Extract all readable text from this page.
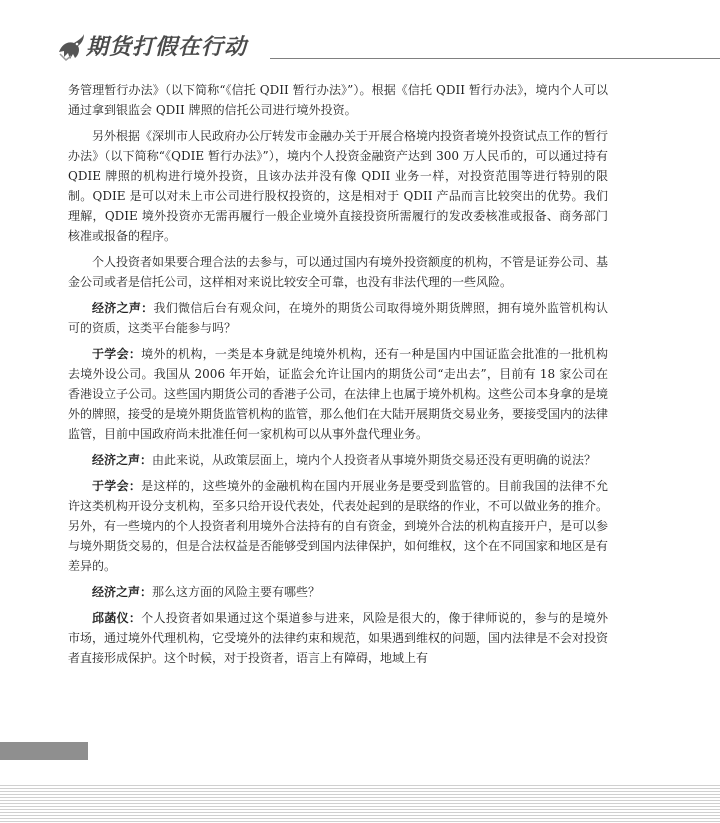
期货打假在行动

务管理暂行办法》（以下简称“《信托 QDII 暂行办法》”）。根据《信托 QDII 暂行办法》，境内个人可以通过拿到银监会 QDII 牌照的信托公司进行境外投资。

另外根据《深圳市人民政府办公厅转发市金融办关于开展合格境内投资者境外投资试点工作的暂行办法》（以下简称“《QDIE 暂行办法》”），境内个人投资金融资产达到 300 万人民币的，可以通过持有 QDIE 牌照的机构进行境外投资，且该办法并没有像 QDII 业务一样，对投资范围等进行特别的限制。QDIE 是可以对未上市公司进行股权投资的，这是相对于 QDII 产品而言比较突出的优势。我们理解，QDIE 境外投资亦无需再履行一般企业境外直接投资所需履行的发改委核准或报备、商务部门核准或报备的程序。

个人投资者如果要合理合法的去参与，可以通过国内有境外投资额度的机构，不管是证券公司、基金公司或者是信托公司，这样相对来说比较安全可靠，也没有非法代理的一些风险。

经济之声：我们微信后台有观众问，在境外的期货公司取得境外期货牌照，拥有境外监管机构认可的资质，这类平台能参与吗？

于学会：境外的机构，一类是本身就是纯境外机构，还有一种是国内中国证监会批准的一批机构去境外设公司。我国从 2006 年开始，证监会允许让国内的期货公司“走出去”，目前有 18 家公司在香港设立子公司。这些国内期货公司的香港子公司，在法律上也属于境外机构。这些公司本身拿的是境外的牌照，接受的是境外期货监管机构的监管，那么他们在大陆开展期货交易业务，要接受国内的法律监管，目前中国政府尚未批准任何一家机构可以从事外盘代理业务。

经济之声：由此来说，从政策层面上，境内个人投资者从事境外期货交易还没有更明确的说法？

于学会：是这样的，这些境外的金融机构在国内开展业务是要受到监管的。目前我国的法律不允许这类机构开设分支机构，至多只给开设代表处，代表处起到的是联络的作业，不可以做业务的推介。另外，有一些境内的个人投资者利用境外合法持有的自有资金，到境外合法的机构直接开户，是可以参与境外期货交易的，但是合法权益是否能够受到国内法律保护，如何维权，这个在不同国家和地区是有差异的。

经济之声：那么这方面的风险主要有哪些？

邱菡仪：个人投资者如果通过这个渠道参与进来，风险是很大的，像于律师说的，参与的是境外市场，通过境外代理机构，它受境外的法律约束和规范，如果遇到维权的问题，国内法律是不会对投资者直接形成保护。这个时候，对于投资者，语言上有障碍，地域上有
